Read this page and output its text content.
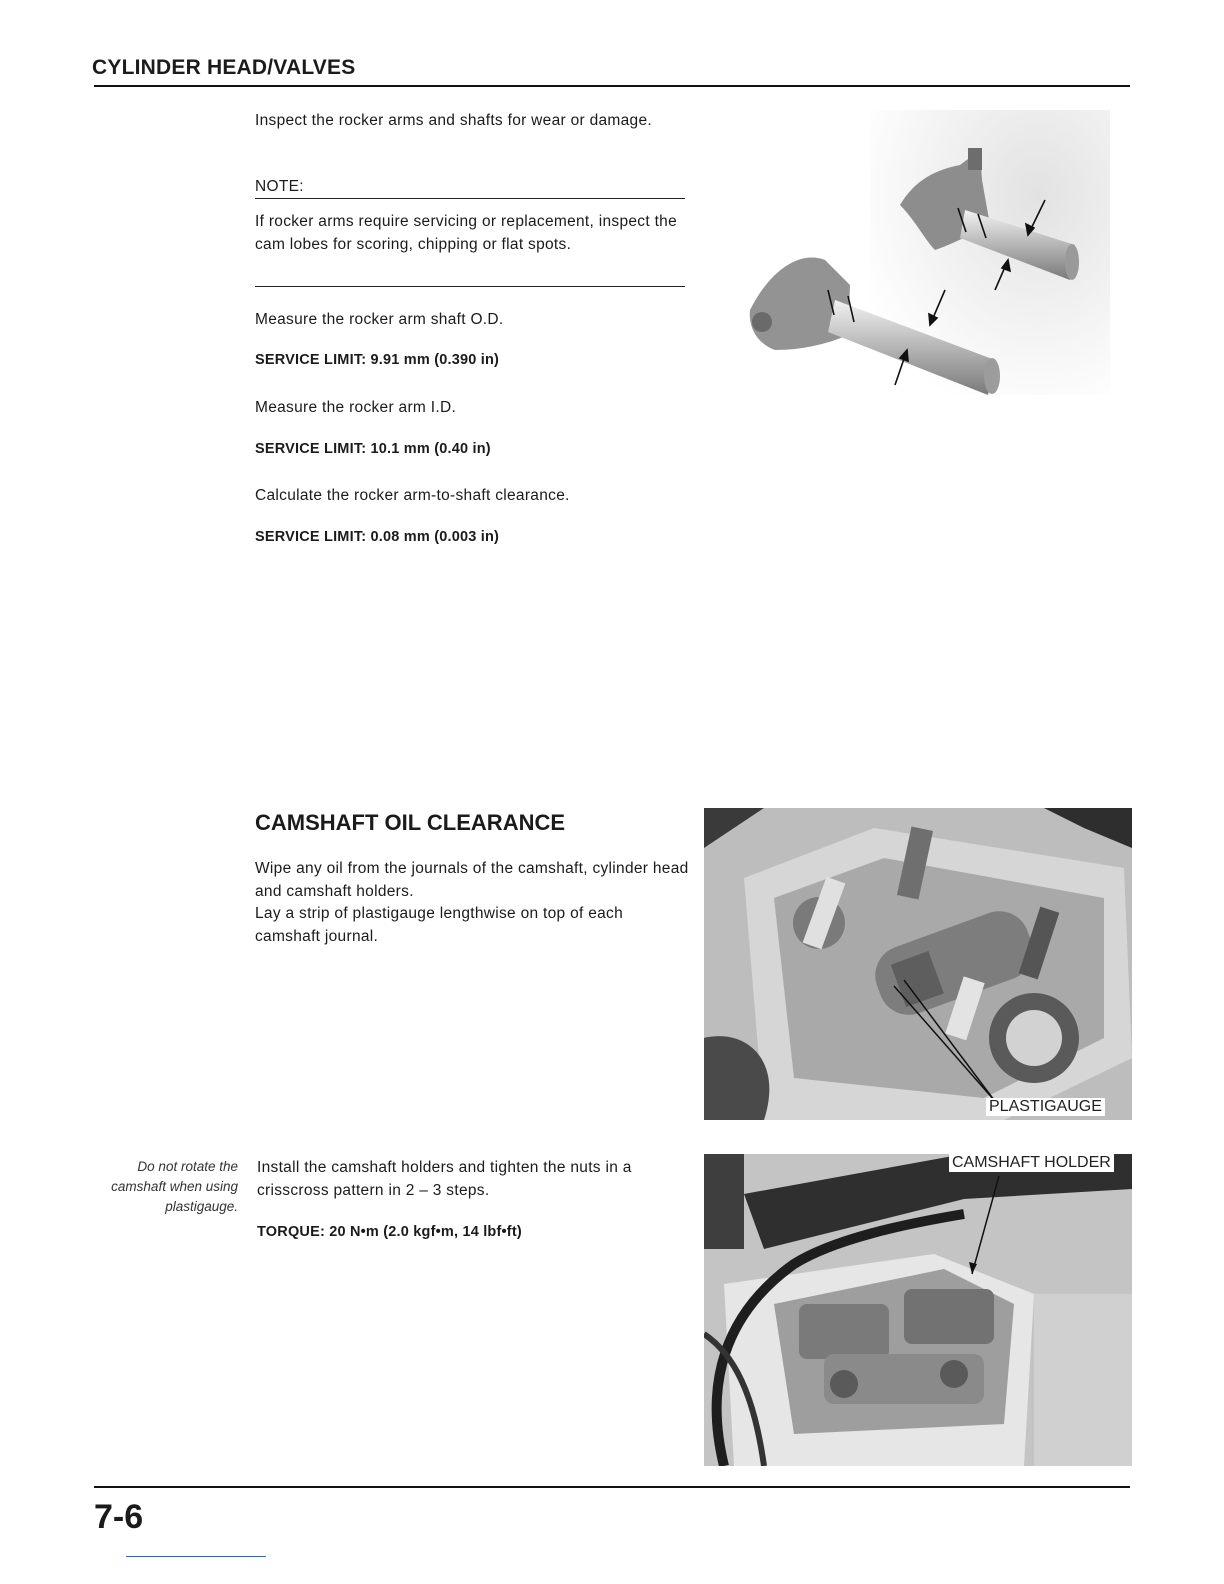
CYLINDER HEAD/VALVES
Inspect the rocker arms and shafts for wear or damage.
NOTE:
If rocker arms require servicing or replacement, inspect the cam lobes for scoring, chipping or flat spots.
Measure the rocker arm shaft O.D.
SERVICE LIMIT: 9.91 mm (0.390 in)
Measure the rocker arm I.D.
SERVICE LIMIT: 10.1 mm (0.40 in)
Calculate the rocker arm-to-shaft clearance.
SERVICE LIMIT: 0.08 mm (0.003 in)
CAMSHAFT OIL CLEARANCE
Wipe any oil from the journals of the camshaft, cylinder head and camshaft holders.
Lay a strip of plastigauge lengthwise on top of each camshaft journal.
PLASTIGAUGE
Do not rotate the camshaft when using plastigauge.
Install the camshaft holders and tighten the nuts in a crisscross pattern in 2 – 3 steps.
TORQUE: 20 N•m (2.0 kgf•m, 14 lbf•ft)
CAMSHAFT HOLDER
7-6
